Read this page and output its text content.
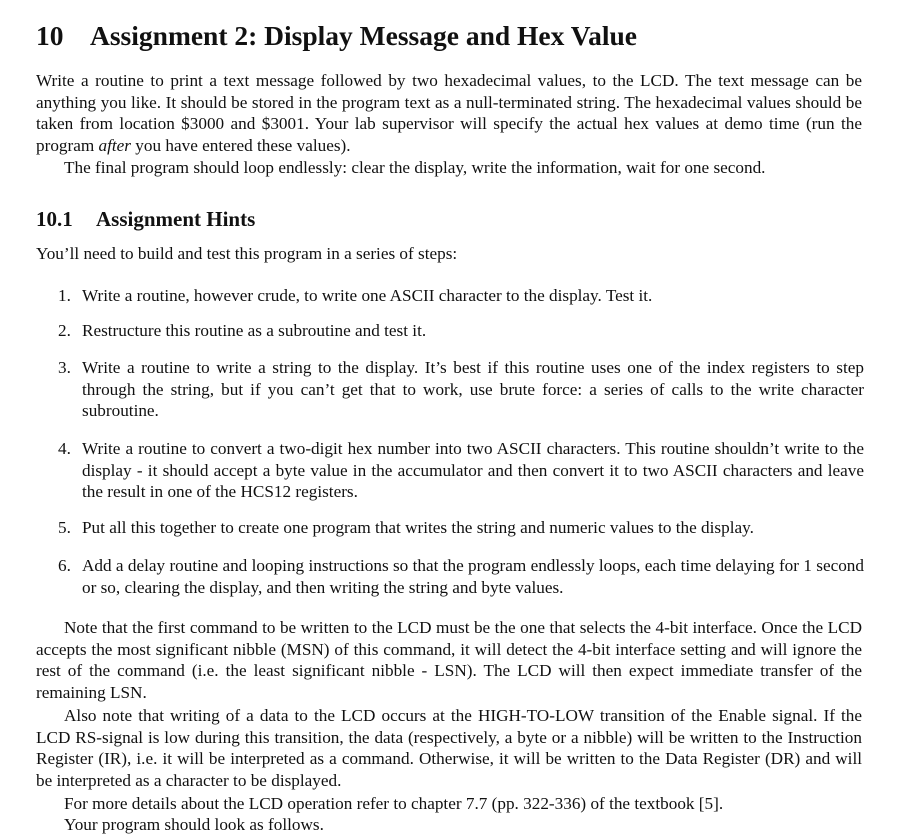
10 Assignment 2: Display Message and Hex Value

Write a routine to print a text message followed by two hexadecimal values, to the LCD. The text message can be anything you like. It should be stored in the program text as a null-terminated string. The hexadecimal values should be taken from location $3000 and $3001. Your lab supervisor will specify the actual hex values at demo time (run the program after you have entered these values).

The final program should loop endlessly: clear the display, write the information, wait for one second.

10.1 Assignment Hints

You’ll need to build and test this program in a series of steps:

1. Write a routine, however crude, to write one ASCII character to the display. Test it.
2. Restructure this routine as a subroutine and test it.
3. Write a routine to write a string to the display. It’s best if this routine uses one of the index registers to step through the string, but if you can’t get that to work, use brute force: a series of calls to the write character subroutine.
4. Write a routine to convert a two-digit hex number into two ASCII characters. This routine shouldn’t write to the display - it should accept a byte value in the accumulator and then convert it to two ASCII characters and leave the result in one of the HCS12 registers.
5. Put all this together to create one program that writes the string and numeric values to the display.
6. Add a delay routine and looping instructions so that the program endlessly loops, each time delaying for 1 second or so, clearing the display, and then writing the string and byte values.

Note that the first command to be written to the LCD must be the one that selects the 4-bit interface. Once the LCD accepts the most significant nibble (MSN) of this command, it will detect the 4-bit interface setting and will ignore the rest of the command (i.e. the least significant nibble - LSN). The LCD will then expect immediate transfer of the remaining LSN.

Also note that writing of a data to the LCD occurs at the HIGH-TO-LOW transition of the Enable signal. If the LCD RS-signal is low during this transition, the data (respectively, a byte or a nibble) will be written to the Instruction Register (IR), i.e. it will be interpreted as a command. Otherwise, it will be written to the Data Register (DR) and will be interpreted as a character to be displayed.

For more details about the LCD operation refer to chapter 7.7 (pp. 322-336) of the textbook [5].

Your program should look as follows.
